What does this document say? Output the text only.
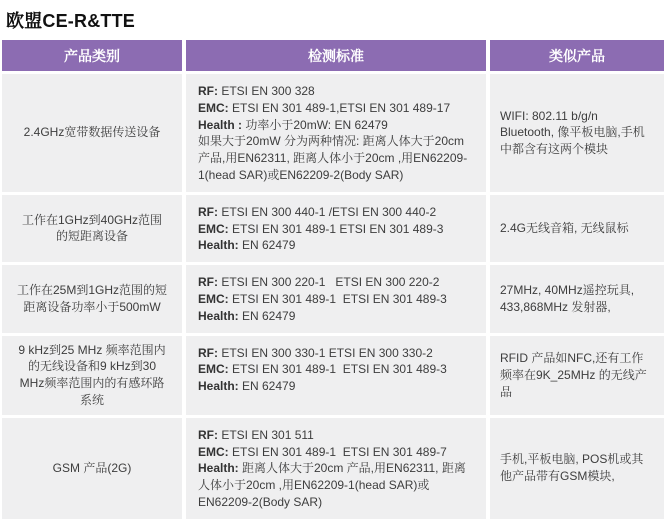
欧盟CE-R&TTE
产品类别	检测标准	类似产品
2.4GHz宽带数据传送设备
RF: ETSI EN 300 328
EMC: ETSI EN 301 489-1,ETSI EN 301 489-17
Health : 功率小于20mW: EN 62479
如果大于20mW 分为两种情况: 距离人体大于20cm 产品,用EN62311, 距离人体小于20cm ,用EN62209-1(head SAR)或EN62209-2(Body SAR)
WIFI: 802.11 b/g/n Bluetooth, 像平板电脑,手机中都含有这两个模块
工作在1GHz到40GHz范围的短距离设备
RF: ETSI EN 300 440-1 /ETSI EN 300 440-2
EMC: ETSI EN 301 489-1 ETSI EN 301 489-3
Health: EN 62479
2.4G无线音箱, 无线鼠标
工作在25M到1GHz范围的短距离设备功率小于500mW
RF: ETSI EN 300 220-1   ETSI EN 300 220-2
EMC: ETSI EN 301 489-1  ETSI EN 301 489-3
Health: EN 62479
27MHz, 40MHz遥控玩具, 433,868MHz 发射器,
9 kHz到25 MHz 频率范围内的无线设备和9 kHz到30 MHz频率范围内的有感环路系统
RF: ETSI EN 300 330-1 ETSI EN 300 330-2
EMC: ETSI EN 301 489-1  ETSI EN 301 489-3
Health: EN 62479
RFID 产品如NFC,还有工作频率在9K_25MHz 的无线产品
GSM 产品(2G)
RF: ETSI EN 301 511
EMC: ETSI EN 301 489-1  ETSI EN 301 489-7
Health: 距离人体大于20cm 产品,用EN62311, 距离人体小于20cm ,用EN62209-1(head SAR)或EN62209-2(Body SAR)
手机,平板电脑, POS机或其他产品带有GSM模块,
